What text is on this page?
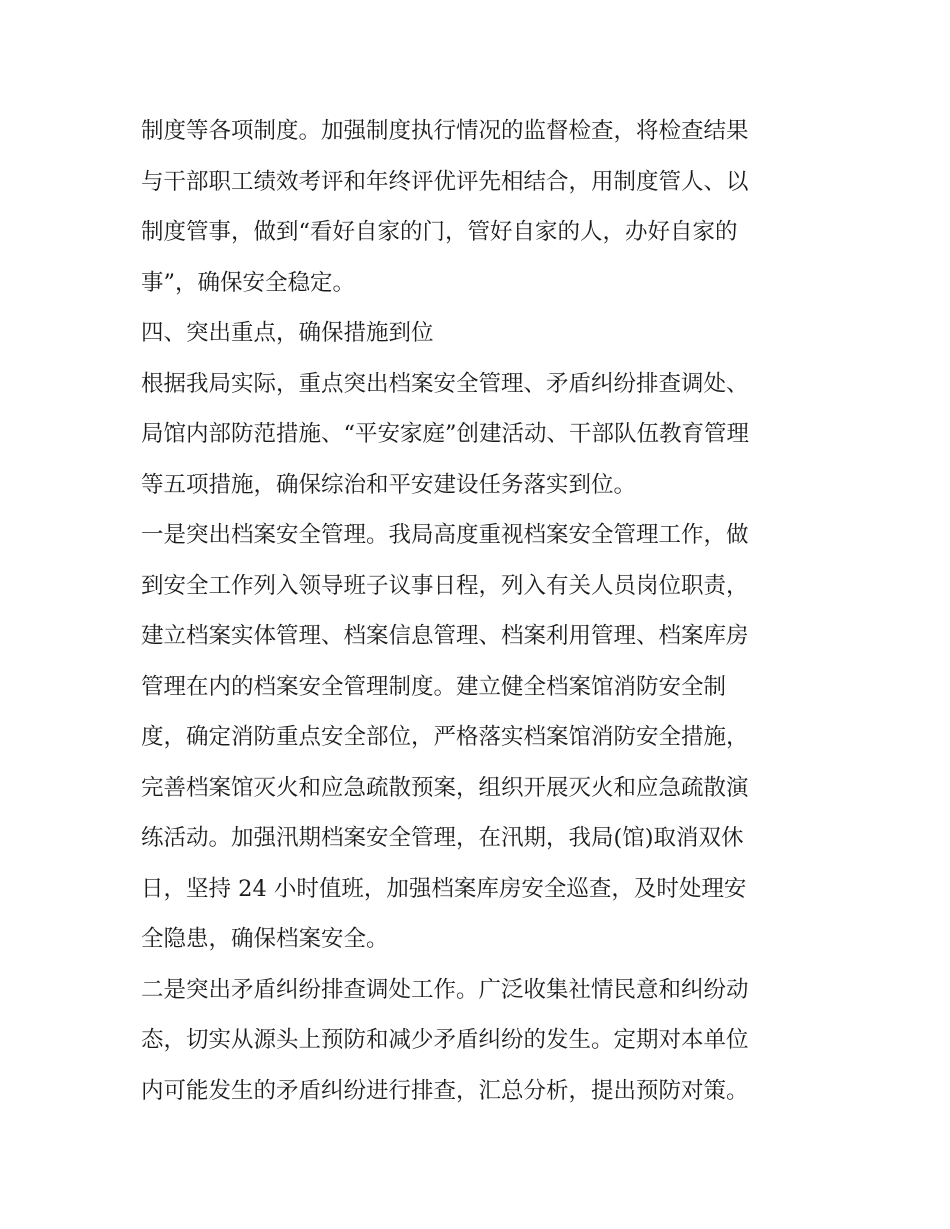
制度等各项制度。加强制度执行情况的监督检查，将检查结果
与干部职工绩效考评和年终评优评先相结合，用制度管人、以
制度管事，做到“看好自家的门，管好自家的人，办好自家的
事”，确保安全稳定。
四、突出重点，确保措施到位
根据我局实际，重点突出档案安全管理、矛盾纠纷排查调处、
局馆内部防范措施、“平安家庭”创建活动、干部队伍教育管理
等五项措施，确保综治和平安建设任务落实到位。
一是突出档案安全管理。我局高度重视档案安全管理工作，做
到安全工作列入领导班子议事日程，列入有关人员岗位职责，
建立档案实体管理、档案信息管理、档案利用管理、档案库房
管理在内的档案安全管理制度。建立健全档案馆消防安全制
度，确定消防重点安全部位，严格落实档案馆消防安全措施，
完善档案馆灭火和应急疏散预案，组织开展灭火和应急疏散演
练活动。加强汛期档案安全管理，在汛期，我局(馆)取消双休
日，坚持 24 小时值班，加强档案库房安全巡查，及时处理安
全隐患，确保档案安全。
二是突出矛盾纠纷排查调处工作。广泛收集社情民意和纠纷动
态，切实从源头上预防和减少矛盾纠纷的发生。定期对本单位
内可能发生的矛盾纠纷进行排查，汇总分析，提出预防对策。
